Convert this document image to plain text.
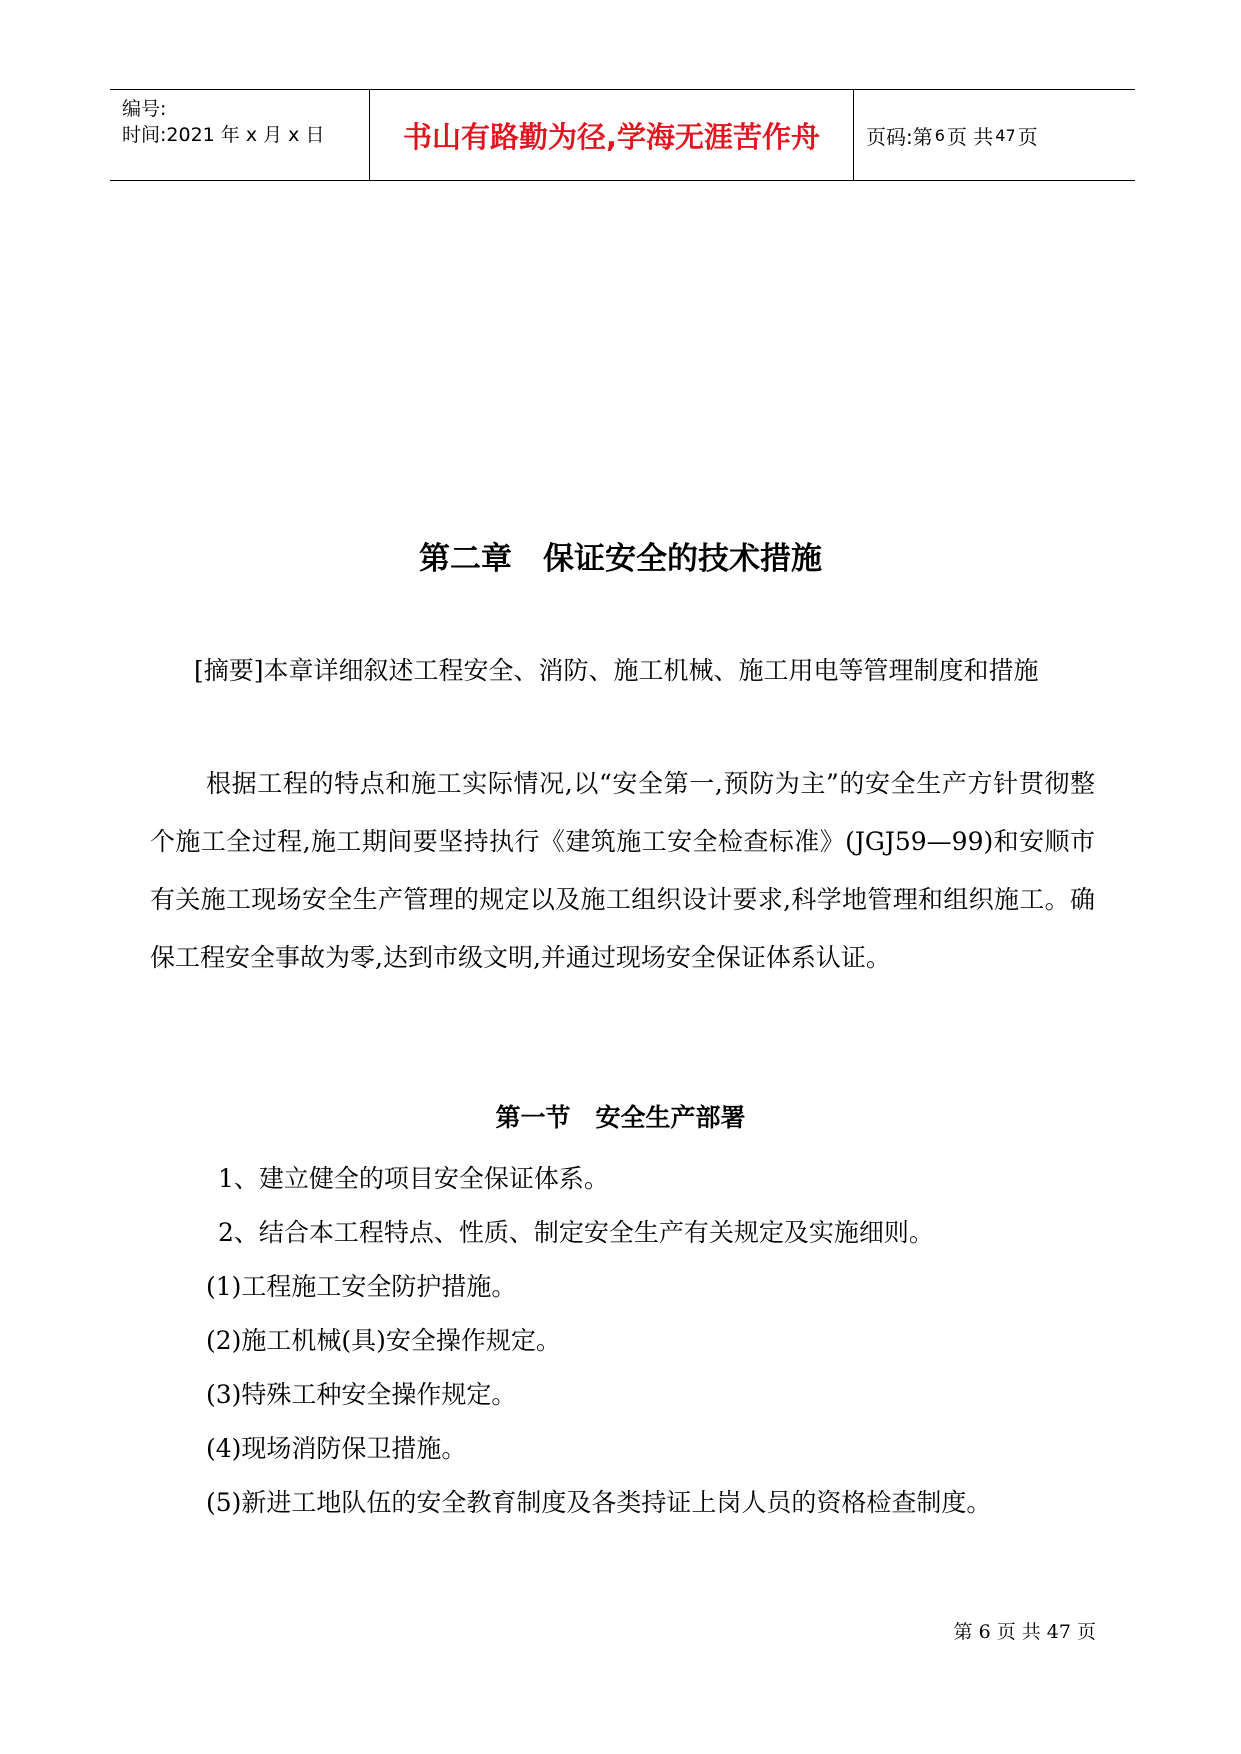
编号:
时间:2021 年 x 月 x 日	书山有路勤为径,学海无涯苦作舟	页码:第 6 页 共 47 页
第二章　保证安全的技术措施
[摘要]本章详细叙述工程安全、消防、施工机械、施工用电等管理制度和措施
根据工程的特点和施工实际情况,以“安全第一,预防为主”的安全生产方针贯彻整个施工全过程,施工期间要坚持执行《建筑施工安全检查标准》(JGJ59—99)和安顺市有关施工现场安全生产管理的规定以及施工组织设计要求,科学地管理和组织施工。确保工程安全事故为零,达到市级文明,并通过现场安全保证体系认证。
第一节　安全生产部署
1、建立健全的项目安全保证体系。
2、结合本工程特点、性质、制定安全生产有关规定及实施细则。
(1)工程施工安全防护措施。
(2)施工机械(具)安全操作规定。
(3)特殊工种安全操作规定。
(4)现场消防保卫措施。
(5)新进工地队伍的安全教育制度及各类持证上岗人员的资格检查制度。
第 6 页 共 47 页
